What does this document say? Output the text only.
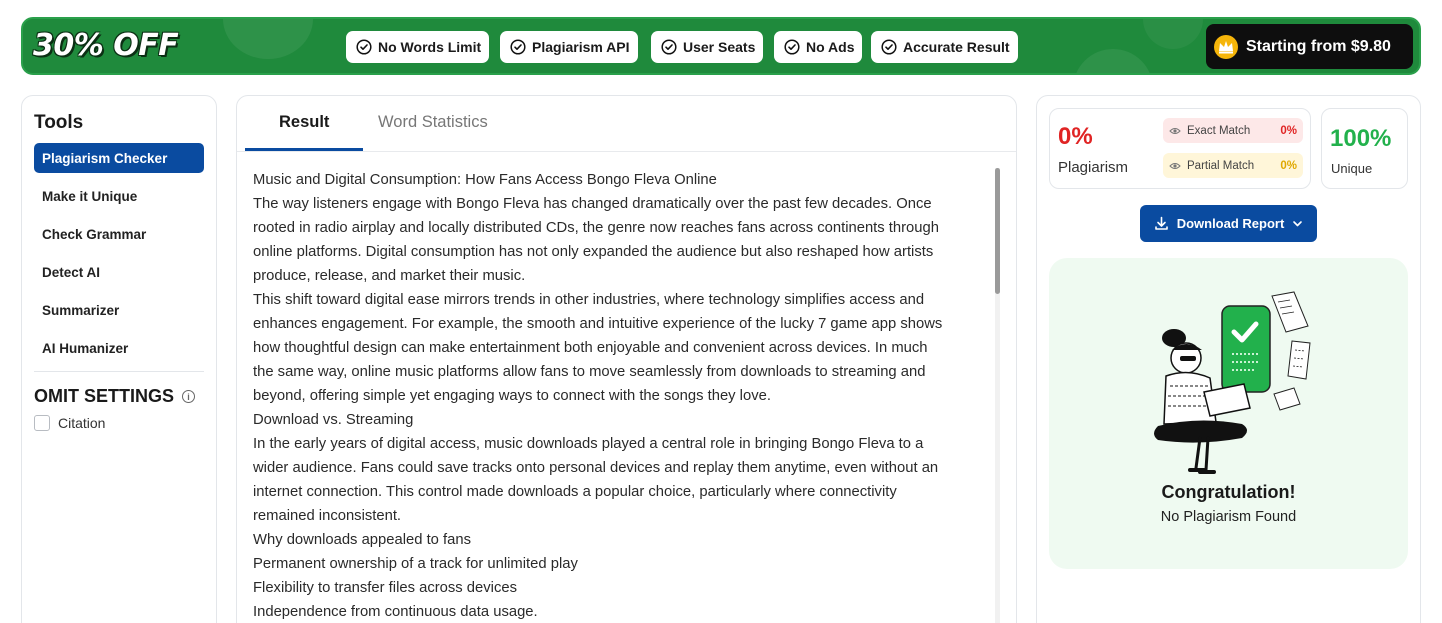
30% OFF	No Words Limit	Plagiarism API	User Seats	No Ads	Accurate Result	Starting from $9.80
Tools
Plagiarism Checker
Make it Unique
Check Grammar
Detect AI
Summarizer
AI Humanizer
OMIT SETTINGS	i
Citation
Result	Word Statistics

Music and Digital Consumption: How Fans Access Bongo Fleva Online

The way listeners engage with Bongo Fleva has changed dramatically over the past few decades. Once

rooted in radio airplay and locally distributed CDs, the genre now reaches fans across continents through

online platforms. Digital consumption has not only expanded the audience but also reshaped how artists

produce, release, and market their music.

This shift toward digital ease mirrors trends in other industries, where technology simplifies access and

enhances engagement. For example, the smooth and intuitive experience of the lucky 7 game app shows

how thoughtful design can make entertainment both enjoyable and convenient across devices. In much

the same way, online music platforms allow fans to move seamlessly from downloads to streaming and

beyond, offering simple yet engaging ways to connect with the songs they love.

Download vs. Streaming

In the early years of digital access, music downloads played a central role in bringing Bongo Fleva to a

wider audience. Fans could save tracks onto personal devices and replay them anytime, even without an

internet connection. This control made downloads a popular choice, particularly where connectivity

remained inconsistent.

Why downloads appealed to fans

Permanent ownership of a track for unlimited play

Flexibility to transfer files across devices

Independence from continuous data usage.

0%
Plagiarism
Exact Match	0%
Partial Match 0%
100%
Unique
Download Report
Congratulation!
No Plagiarism Found
